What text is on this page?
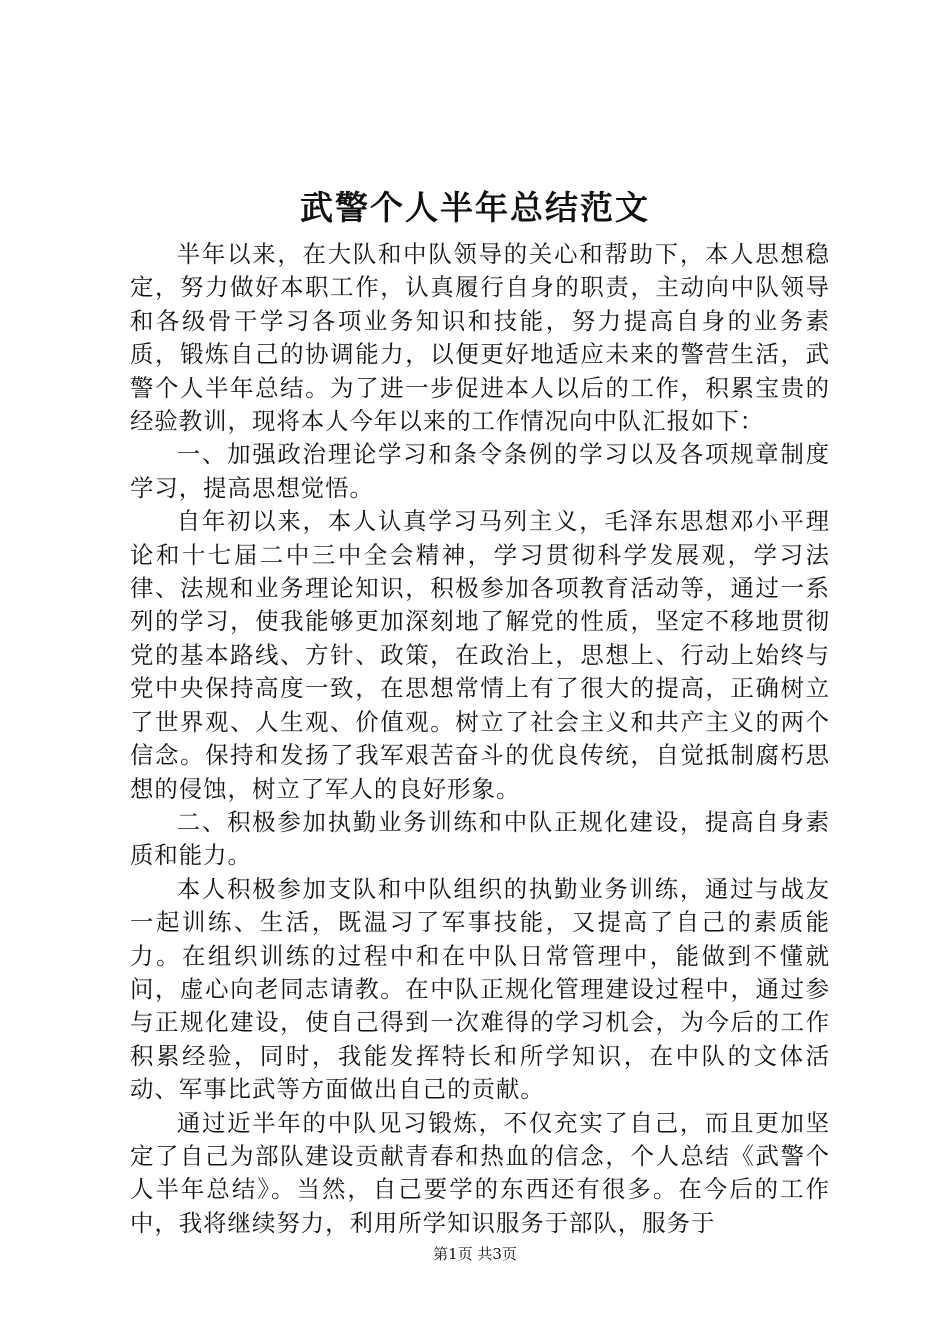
武警个人半年总结范文

半年以来，在大队和中队领导的关心和帮助下，本人思想稳定，努力做好本职工作，认真履行自身的职责，主动向中队领导和各级骨干学习各项业务知识和技能，努力提高自身的业务素质，锻炼自己的协调能力，以便更好地适应未来的警营生活，武警个人半年总结。为了进一步促进本人以后的工作，积累宝贵的经验教训，现将本人今年以来的工作情况向中队汇报如下：

一、加强政治理论学习和条令条例的学习以及各项规章制度学习，提高思想觉悟。

自年初以来，本人认真学习马列主义，毛泽东思想邓小平理论和十七届二中三中全会精神，学习贯彻科学发展观，学习法律、法规和业务理论知识，积极参加各项教育活动等，通过一系列的学习，使我能够更加深刻地了解党的性质，坚定不移地贯彻党的基本路线、方针、政策，在政治上，思想上、行动上始终与党中央保持高度一致，在思想常情上有了很大的提高，正确树立了世界观、人生观、价值观。树立了社会主义和共产主义的两个信念。保持和发扬了我军艰苦奋斗的优良传统，自觉抵制腐朽思想的侵蚀，树立了军人的良好形象。

二、积极参加执勤业务训练和中队正规化建设，提高自身素质和能力。

本人积极参加支队和中队组织的执勤业务训练，通过与战友一起训练、生活，既温习了军事技能，又提高了自己的素质能力。在组织训练的过程中和在中队日常管理中，能做到不懂就问，虚心向老同志请教。在中队正规化管理建设过程中，通过参与正规化建设，使自己得到一次难得的学习机会，为今后的工作积累经验，同时，我能发挥特长和所学知识，在中队的文体活动、军事比武等方面做出自己的贡献。

通过近半年的中队见习锻炼，不仅充实了自己，而且更加坚定了自己为部队建设贡献青春和热血的信念，个人总结《武警个人半年总结》。当然，自己要学的东西还有很多。在今后的工作中，我将继续努力，利用所学知识服务于部队，服务于

第1页 共3页
